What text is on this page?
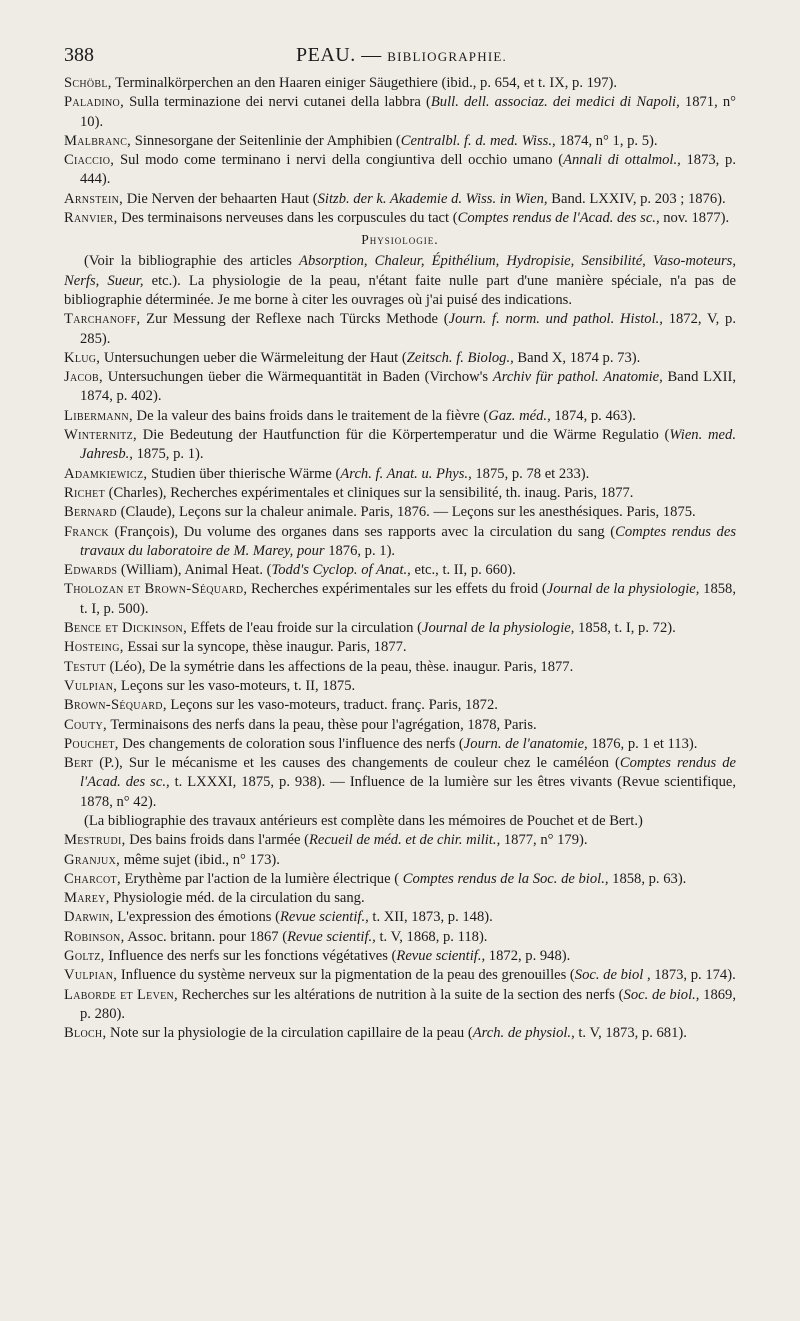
388	PEAU. — BIBLIOGRAPHIE.
Schöbl, Terminalkörperchen an den Haaren einiger Säugethiere (ibid., p. 654, et t. IX, p. 197).
Paladino, Sulla terminazione dei nervi cutanei della labbra (Bull. dell. associaz. dei medici di Napoli, 1871, n° 10).
Malbranc, Sinnesorgane der Seitenlinie der Amphibien (Centralbl. f. d. med. Wiss., 1874, n° 1, p. 5).
Ciaccio, Sul modo come terminano i nervi della congiuntiva dell occhio umano (Annali di ottalmol., 1873, p. 444).
Arnstein, Die Nerven der behaarten Haut (Sitzb. der k. Akademie d. Wiss. in Wien, Band. LXXIV, p. 203 ; 1876).
Ranvier, Des terminaisons nerveuses dans les corpuscules du tact (Comptes rendus de l'Acad. des sc., nov. 1877).
Physiologie.
(Voir la bibliographie des articles Absorption, Chaleur, Épithélium, Hydropisie, Sensibilité, Vaso-moteurs, Nerfs, Sueur, etc.). La physiologie de la peau, n'étant faite nulle part d'une manière spéciale, n'a pas de bibliographie déterminée. Je me borne à citer les ouvrages où j'ai puisé des indications.
Tarchanoff, Zur Messung der Reflexe nach Türcks Methode (Journ. f. norm. und pathol. Histol., 1872, V, p. 285).
Klug, Untersuchungen ueber die Wärmeleitung der Haut (Zeitsch. f. Biolog., Band X, 1874 p. 73).
Jacob, Untersuchungen üeber die Wärmequantität in Baden (Virchow's Archiv für pathol. Anatomie, Band LXII, 1874, p. 402).
Libermann, De la valeur des bains froids dans le traitement de la fièvre (Gaz. méd., 1874, p. 463).
Winternitz, Die Bedeutung der Hautfunction für die Körpertemperatur und die Wärme Regulatio (Wien. med. Jahresb., 1875, p. 1).
Adamkiewicz, Studien über thierische Wärme (Arch. f. Anat. u. Phys., 1875, p. 78 et 233).
Richet (Charles), Recherches expérimentales et cliniques sur la sensibilité, th. inaug. Paris, 1877.
Bernard (Claude), Leçons sur la chaleur animale. Paris, 1876. — Leçons sur les anesthésiques. Paris, 1875.
Franck (François), Du volume des organes dans ses rapports avec la circulation du sang (Comptes rendus des travaux du laboratoire de M. Marey, pour 1876, p. 1).
Edwards (William), Animal Heat. (Todd's Cyclop. of Anat., etc., t. II, p. 660).
Tholozan et Brown-Séquard, Recherches expérimentales sur les effets du froid (Journal de la physiologie, 1858, t. I, p. 500).
Bence et Dickinson, Effets de l'eau froide sur la circulation (Journal de la physiologie, 1858, t. I, p. 72).
Hosteing, Essai sur la syncope, thèse inaugur. Paris, 1877.
Testut (Léo), De la symétrie dans les affections de la peau, thèse. inaugur. Paris, 1877.
Vulpian, Leçons sur les vaso-moteurs, t. II, 1875.
Brown-Séquard, Leçons sur les vaso-moteurs, traduct. franç. Paris, 1872.
Couty, Terminaisons des nerfs dans la peau, thèse pour l'agrégation, 1878, Paris.
Pouchet, Des changements de coloration sous l'influence des nerfs (Journ. de l'anatomie, 1876, p. 1 et 113).
Bert (P.), Sur le mécanisme et les causes des changements de couleur chez le caméléon (Comptes rendus de l'Acad. des sc., t. LXXXI, 1875, p. 938). — Influence de la lumière sur les êtres vivants (Revue scientifique, 1878, n° 42).
(La bibliographie des travaux antérieurs est complète dans les mémoires de Pouchet et de Bert.)
Mestrudi, Des bains froids dans l'armée (Recueil de méd. et de chir. milit., 1877, n° 179).
Granjux, même sujet (ibid., n° 173).
Charcot, Erythème par l'action de la lumière électrique ( Comptes rendus de la Soc. de biol., 1858, p. 63).
Marey, Physiologie méd. de la circulation du sang.
Darwin, L'expression des émotions (Revue scientif., t. XII, 1873, p. 148).
Robinson, Assoc. britann. pour 1867 (Revue scientif., t. V, 1868, p. 118).
Goltz, Influence des nerfs sur les fonctions végétatives (Revue scientif., 1872, p. 948).
Vulpian, Influence du système nerveux sur la pigmentation de la peau des grenouilles (Soc. de biol , 1873, p. 174).
Laborde et Leven, Recherches sur les altérations de nutrition à la suite de la section des nerfs (Soc. de biol., 1869, p. 280).
Bloch, Note sur la physiologie de la circulation capillaire de la peau (Arch. de physiol., t. V, 1873, p. 681).
